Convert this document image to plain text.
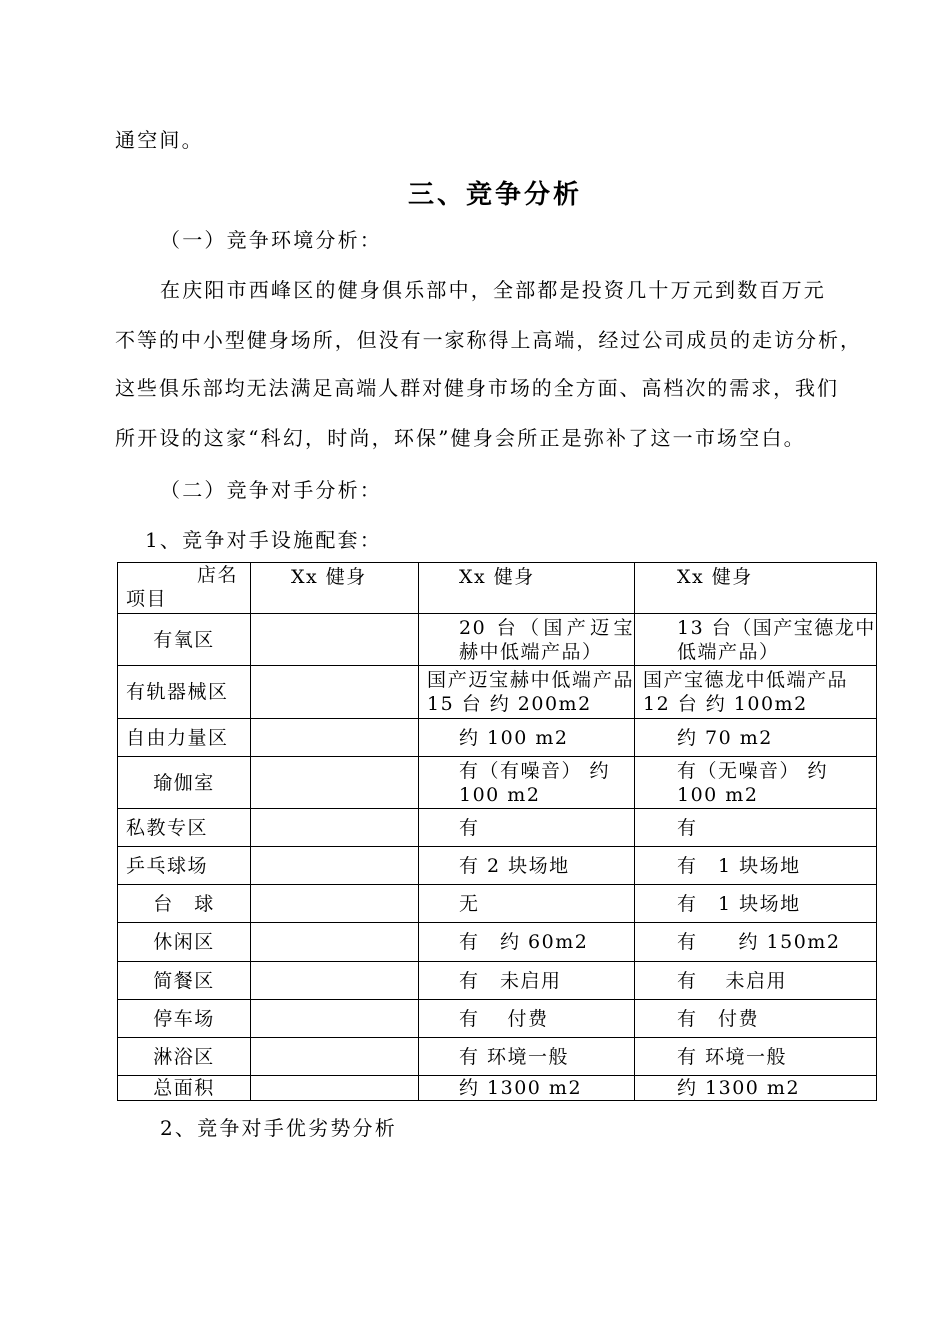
通空间。
三、竞争分析
（一）竞争环境分析：
在庆阳市西峰区的健身俱乐部中，全部都是投资几十万元到数百万元
不等的中小型健身场所，但没有一家称得上高端，经过公司成员的走访分析，
这些俱乐部均无法满足高端人群对健身市场的全方面、高档次的需求，我们
所开设的这家“科幻，时尚，环保”健身会所正是弥补了这一市场空白。
（二）竞争对手分析：
1、竞争对手设施配套：
店名
项目	Xx 健身	Xx 健身	Xx 健身
有氧区		20 台（国产迈宝赫中低端产品）	13 台（国产宝德龙中低端产品）
有轨器械区		国产迈宝赫中低端产品 15 台 约 200m2	国产宝德龙中低端产品 12 台 约 100m2
自由力量区		约 100 m2	约 70 m2
瑜伽室		有（有噪音） 约 100 m2	有（无噪音） 约 100 m2
私教专区		有	有
乒乓球场		有 2 块场地	有　1 块场地
台　球		无	有　1 块场地
休闲区		有　约 60m2	有　　约 150m2
简餐区		有　未启用	有　 未启用
停车场		有　 付费	有　付费
淋浴区		有 环境一般	有 环境一般
总面积		约 1300 m2	约 1300 m2
2、竞争对手优劣势分析
